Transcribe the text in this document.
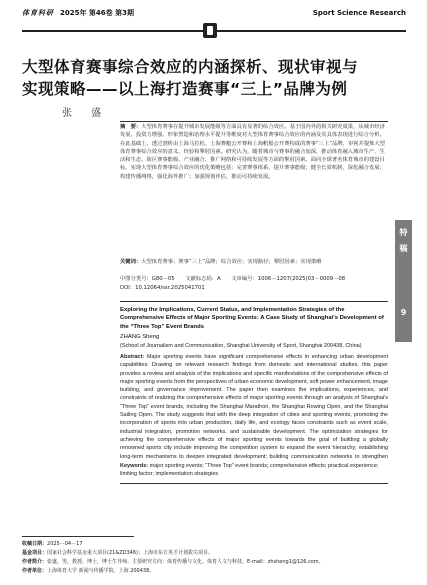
体育科研 2025年 第46卷 第3期	Sport Science Research
大型体育赛事综合效应的内涵探析、现状审视与
实现策略——以上海打造赛事“三上”品牌为例
张 盛
特
稿
9
摘　要：大型体育赛事在提升城市发展能级等方面具有显著的综合效应。基于国内外的相关研究成果，从城市经济发展、投资力增强、形象塑造和治理水平提升等维度对大型体育赛事综合效应的内涵及其具体表现进行综合分析。在此基础上，透过剖析由上海马拉松、上海赛艇公开赛和上海帆船公开赛构成的赛事“三上”品牌，审视并提炼大型体育赛事综合效应的意义、经验和掣肘因素。研究认为，随着城市与赛事的融合加深，推动体育融入城市生产、生活和生态，街区赛事能级、产业融合、推广网络和可持续发展等方面的掣肘因素。面向全球著名体育城市的建设目标，实现大型体育赛事综合效应的优化策略包括：完善赛事体系，提升赛事能级；健全长效机制，深化融合发展；构建传播网络，强化海外推广；加强规划评估，推动可持续发展。
关键词：大型体育赛事；赛事“三上”品牌；综合效应；实现路径；掣肘因素；实现策略
中图分类号：G80－05　　文献标志码：A　　文章编号：1006－1207(2025)03－0009－08
DOI：10.12064/ssr.2025041701
Exploring the Implications, Current Status, and Implementation Strategies of the Comprehensive Effects of Major Sporting Events: A Case Study of Shanghai’s Development of the “Three Top” Event Brands
ZHANG Sheng
(School of Journalism and Communication, Shanghai University of Sport, Shanghai 200438, China)
Abstract: Major sporting events have significant comprehensive effects in enhancing urban development capabilities. Drawing on relevant research findings from domestic and international studies, this paper provides a review and analysis of the implications and specific manifestations of the comprehensive effects of major sporting events from the perspectives of urban economic development, soft power enhancement, image building, and governance improvement. The paper then examines the implications, experiences, and constraints of realizing the comprehensive effects of major sporting events through an analysis of Shanghai’s “Three Top” event brands, including the Shanghai Marathon, the Shanghai Rowing Open, and the Shanghai Sailing Open. The study suggests that with the deep integration of cities and sporting events, promoting the incorporation of sports into urban production, daily life, and ecology faces constraints such as event scale, industrial integration, promotion networks, and sustainable development. The optimization strategies for achieving the comprehensive effects of major sporting events towards the goal of building a globally renowned sports city include improving the competition system to expand the event hierarchy; establishing long-term mechanisms to deepen integrated development; building communication networks to strengthen
Keywords: major sporting events; “Three Top” event brands; comprehensive effects; practical experience; limiting factor; implementation strategies
收稿日期：2025－04－17
基金项目：国家社会科学基金重大项目(21&ZD346)；上海市东方英才计划拔尖项目。
作者简介：张盛，男，教授，博士，博士生导师。主要研究方向：体育传播与文化、体育人文与科技。E-mail：zhsheng1@126.com。
作者单位：上海体育大学 新闻与传播学院，上海 200438。
